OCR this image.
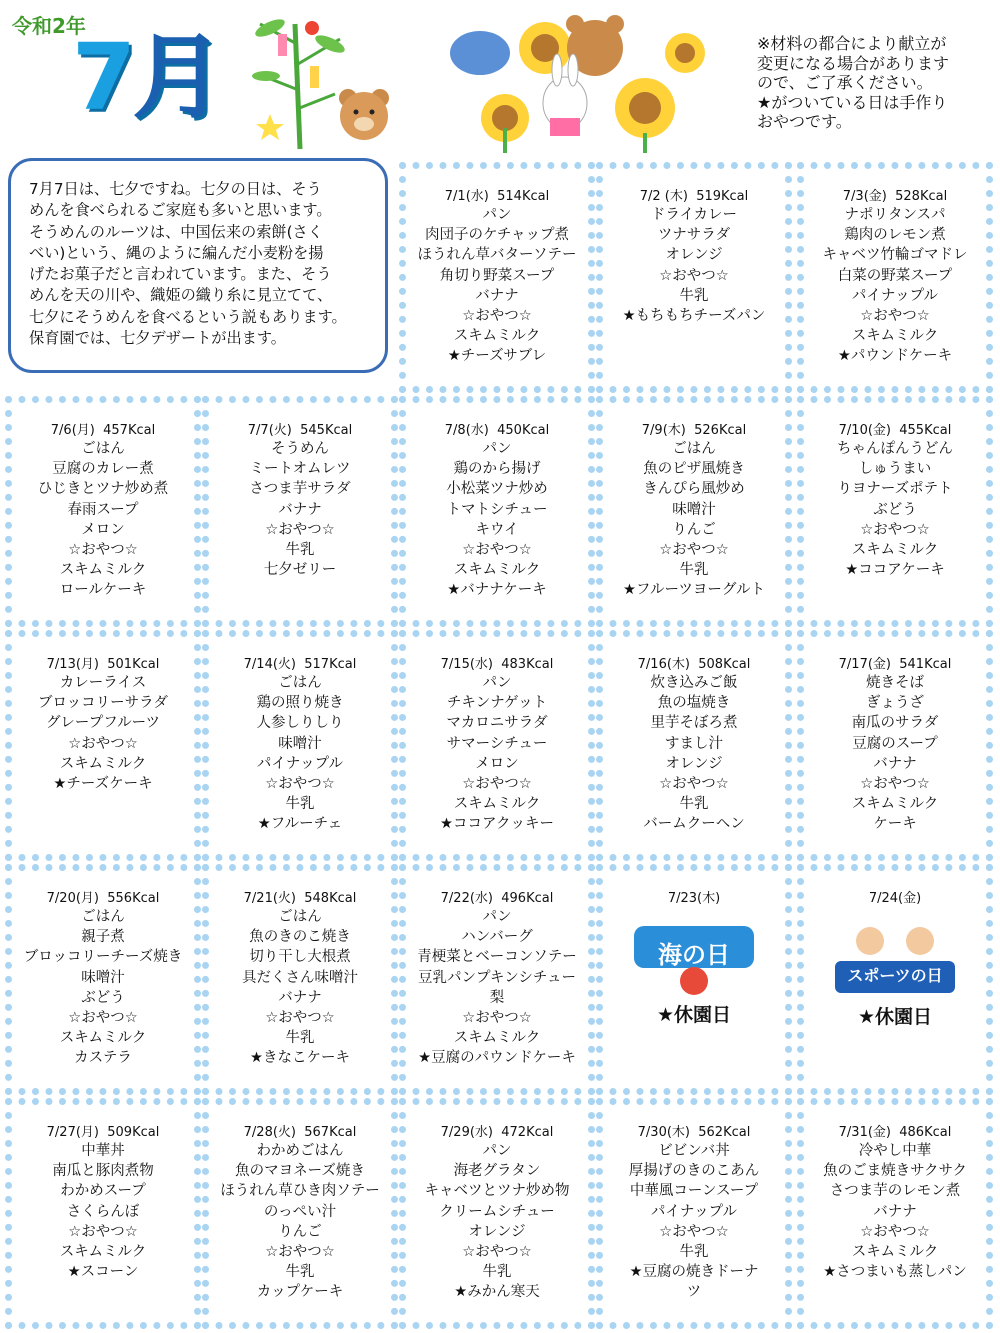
令和2年
7月	※材料の都合により献立が
変更になる場合があります
ので、ご了承ください。
★がついている日は手作り
おやつです。
7月7日は、七夕ですね。七夕の日は、そう
めんを食べられるご家庭も多いと思います。
そうめんのルーツは、中国伝来の索餅(さく
べい)という、縄のように編んだ小麦粉を揚
げたお菓子だと言われています。また、そう
めんを天の川や、織姫の織り糸に見立てて、
七夕にそうめんを食べるという説もあります。
保育園では、七夕デザートが出ます。
7/1(水) 514Kcal
パン
肉団子のケチャップ煮
ほうれん草バターソテー
角切り野菜スープ
バナナ
☆おやつ☆
スキムミルク
★チーズサブレ
7/2 (木) 519Kcal
ドライカレー
ツナサラダ
オレンジ
☆おやつ☆
牛乳
★もちもちチーズパン
7/3(金) 528Kcal
ナポリタンスパ
鶏肉のレモン煮
キャベツ竹輪ゴマドレ
白菜の野菜スープ
パイナップル
☆おやつ☆
スキムミルク
★パウンドケーキ
7/6(月) 457Kcal
ごはん
豆腐のカレー煮
ひじきとツナ炒め煮
春雨スープ
メロン
☆おやつ☆
スキムミルク
ロールケーキ
7/7(火) 545Kcal
そうめん
ミートオムレツ
さつま芋サラダ
バナナ
☆おやつ☆
牛乳
七夕ゼリー
7/8(水) 450Kcal
パン
鶏のから揚げ
小松菜ツナ炒め
トマトシチュー
キウイ
☆おやつ☆
スキムミルク
★バナナケーキ
7/9(木) 526Kcal
ごはん
魚のピザ風焼き
きんぴら風炒め
味噌汁
りんご
☆おやつ☆
牛乳
★フルーツヨーグルト
7/10(金) 455Kcal
ちゃんぽんうどん
しゅうまい
りヨナーズポテト
ぶどう
☆おやつ☆
スキムミルク
★ココアケーキ
7/13(月) 501Kcal
カレーライス
ブロッコリーサラダ
グレープフルーツ
☆おやつ☆
スキムミルク
★チーズケーキ
7/14(火) 517Kcal
ごはん
鶏の照り焼き
人参しりしり
味噌汁
パイナップル
☆おやつ☆
牛乳
★フルーチェ
7/15(水) 483Kcal
パン
チキンナゲット
マカロニサラダ
サマーシチュー
メロン
☆おやつ☆
スキムミルク
★ココアクッキー
7/16(木) 508Kcal
炊き込みご飯
魚の塩焼き
里芋そぼろ煮
すまし汁
オレンジ
☆おやつ☆
牛乳
バームクーヘン
7/17(金) 541Kcal
焼きそば
ぎょうざ
南瓜のサラダ
豆腐のスープ
バナナ
☆おやつ☆
スキムミルク
ケーキ
7/20(月) 556Kcal
ごはん
親子煮
ブロッコリーチーズ焼き
味噌汁
ぶどう
☆おやつ☆
スキムミルク
カステラ
7/21(火) 548Kcal
ごはん
魚のきのこ焼き
切り干し大根煮
具だくさん味噌汁
バナナ
☆おやつ☆
牛乳
★きなこケーキ
7/22(水) 496Kcal
パン
ハンバーグ
青梗菜とベーコンソテー
豆乳パンプキンシチュー
梨
☆おやつ☆
スキムミルク
★豆腐のパウンドケーキ
7/23(木)
海の日
★休園日
7/24(金)
スポーツの日
★休園日
7/27(月) 509Kcal
中華丼
南瓜と豚肉煮物
わかめスープ
さくらんぼ
☆おやつ☆
スキムミルク
★スコーン
7/28(火) 567Kcal
わかめごはん
魚のマヨネーズ焼き
ほうれん草ひき肉ソテー
のっぺい汁
りんご
☆おやつ☆
牛乳
カップケーキ
7/29(水) 472Kcal
パン
海老グラタン
キャベツとツナ炒め物
クリームシチュー
オレンジ
☆おやつ☆
牛乳
★みかん寒天
7/30(木) 562Kcal
ビビンバ丼
厚揚げのきのこあん
中華風コーンスープ
パイナップル
☆おやつ☆
牛乳
★豆腐の焼きドーナ
ツ
7/31(金) 486Kcal
冷やし中華
魚のごま焼きサクサク
さつま芋のレモン煮
バナナ
☆おやつ☆
スキムミルク
★さつまいも蒸しパン
